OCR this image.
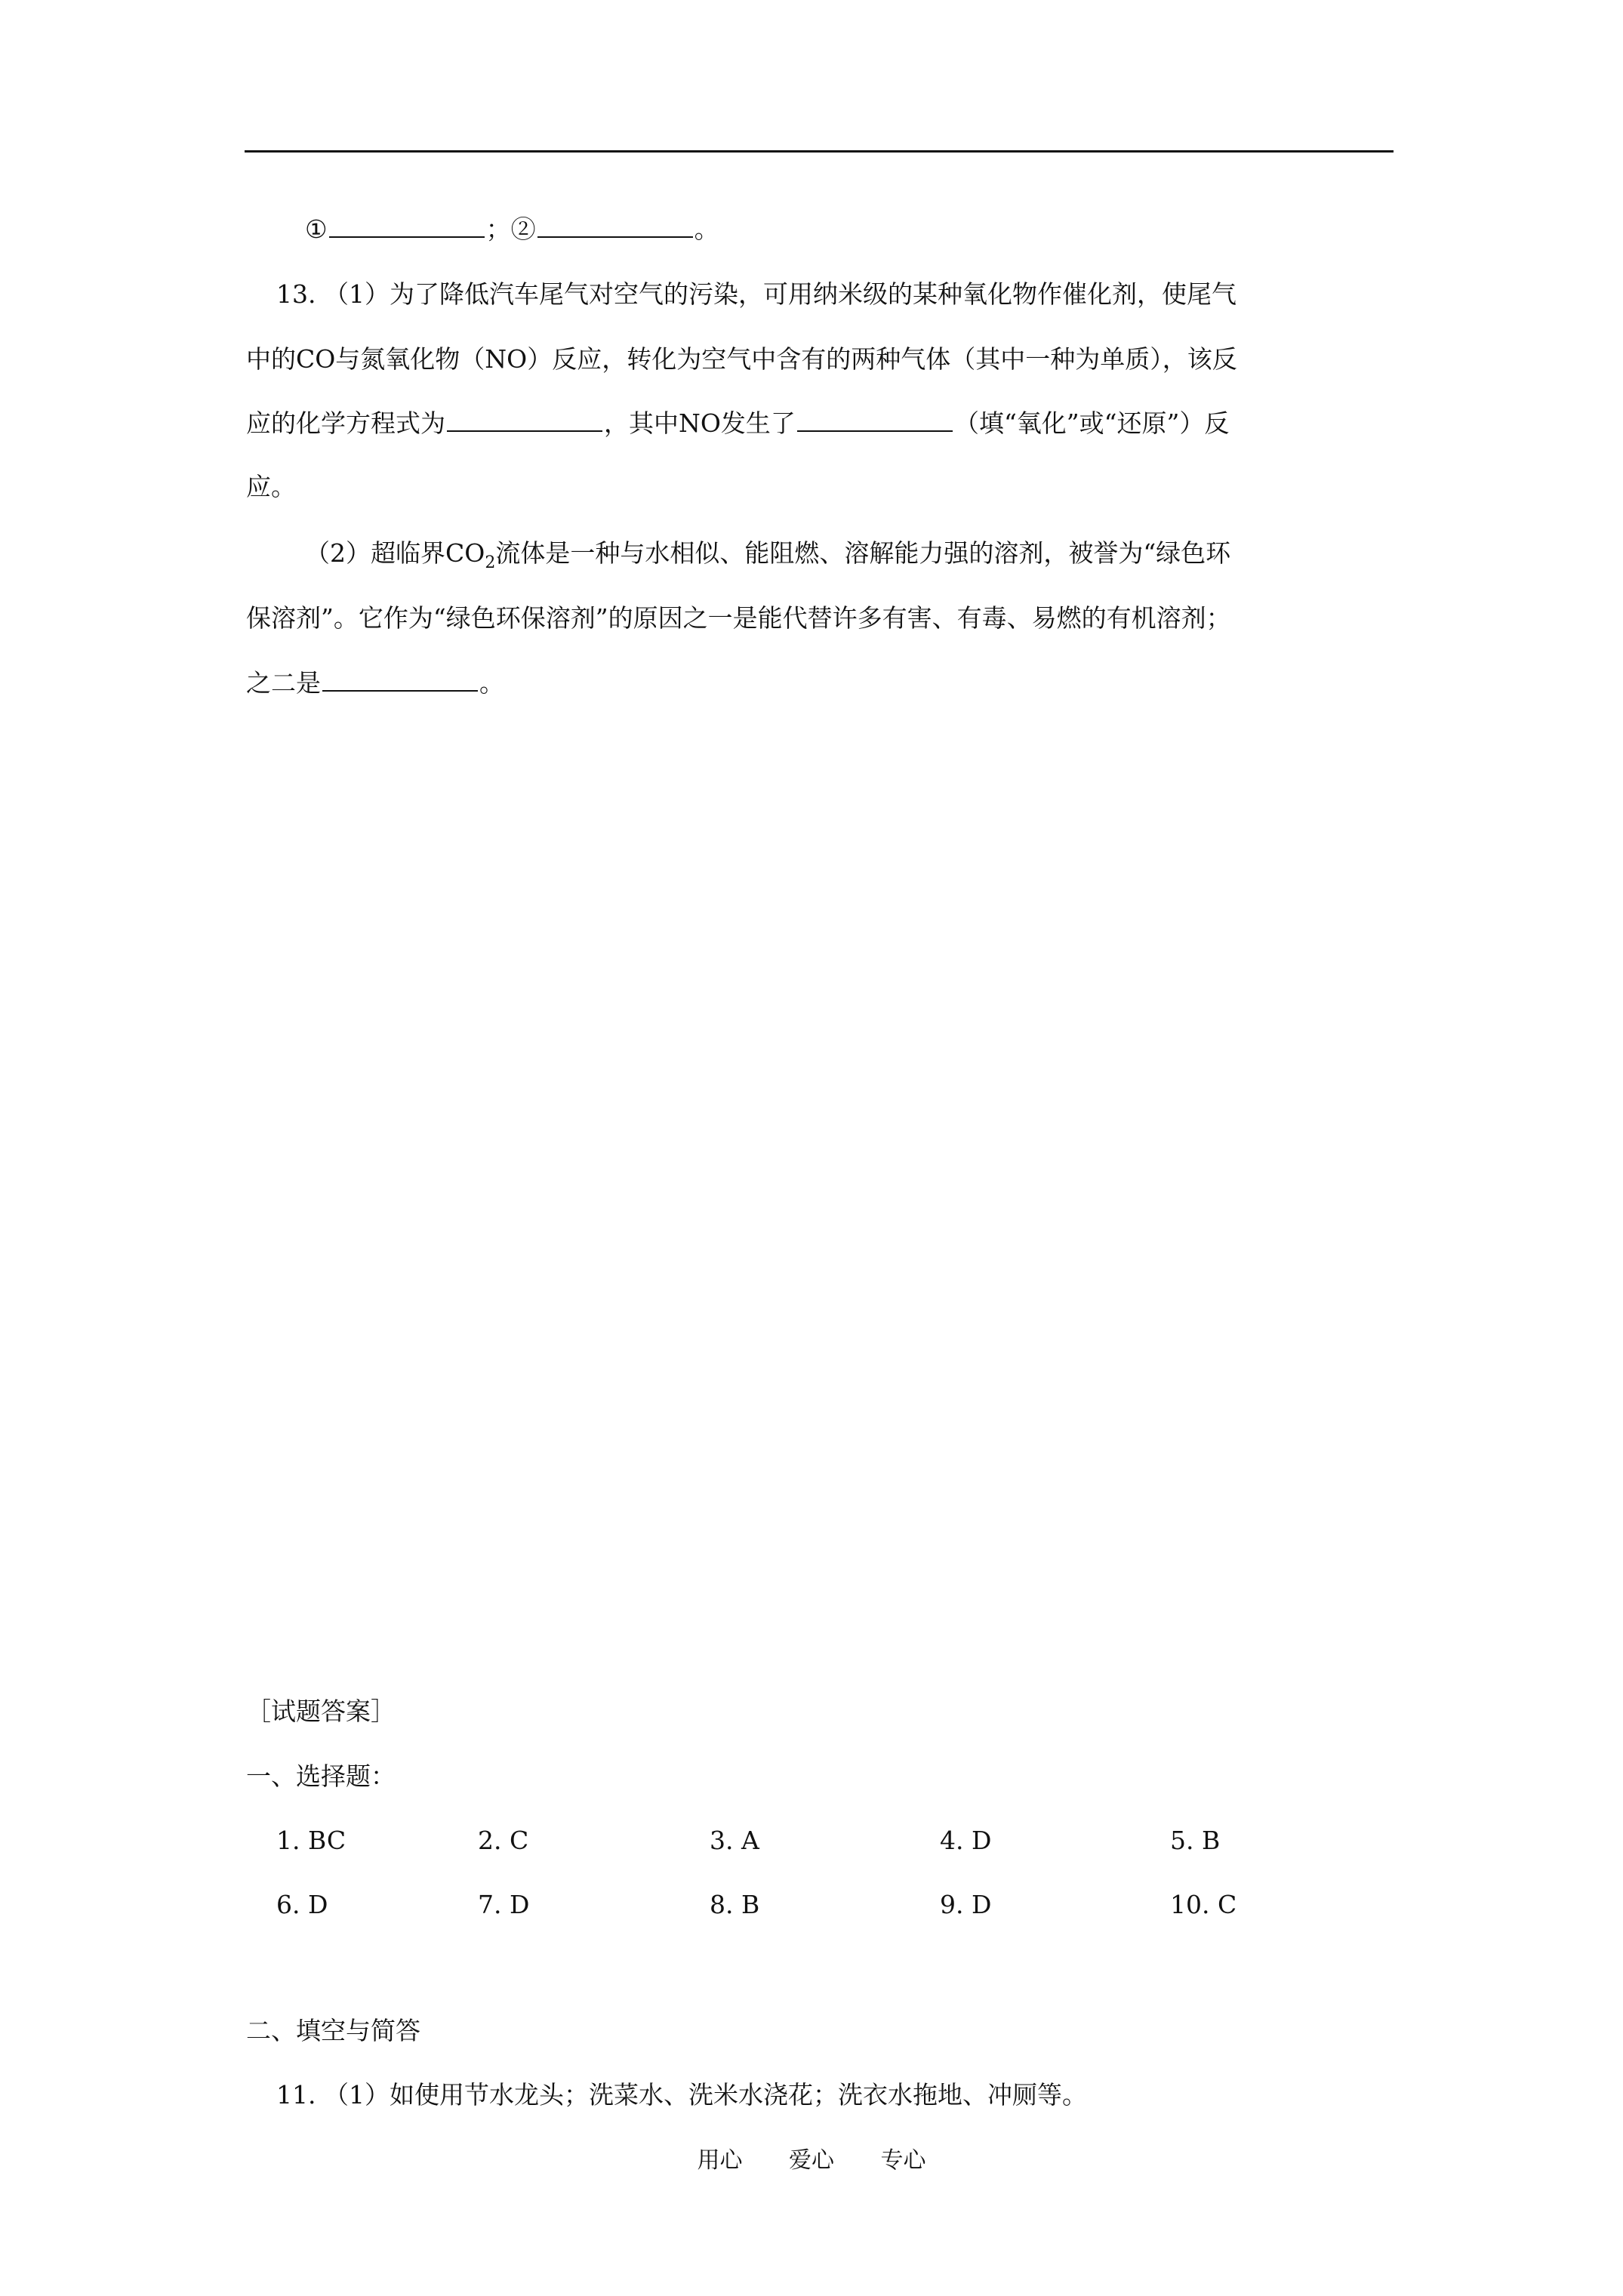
①	；②	。
13. （1）为了降低汽车尾气对空气的污染，可用纳米级的某种氧化物作催化剂，使尾气
中的CO与氮氧化物（NO）反应，转化为空气中含有的两种气体（其中一种为单质），该反
应的化学方程式为	，其中NO发生了	（填“氧化”或“还原”）反
应。
（2）超临界$CO_2$流体是一种与水相似、能阻燃、溶解能力强的溶剂，被誉为“绿色环
保溶剂”。它作为“绿色环保溶剂”的原因之一是能代替许多有害、有毒、易燃的有机溶剂；
之二是	。
［试题答案］
一、选择题：
1. BC	2. C	3. A	4. D	5. B
6. D	7. D	8. B	9. D	10. C
二、填空与简答
11. （1）如使用节水龙头；洗菜水、洗米水浇花；洗衣水拖地、冲厕等。
用心 爱心 专心
